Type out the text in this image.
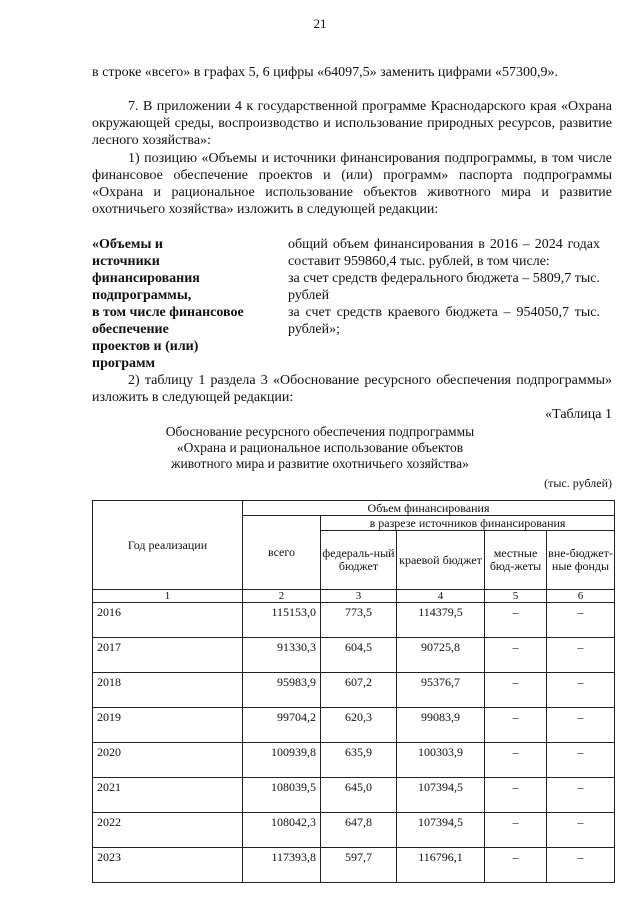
21
в строке «всего» в графах 5, 6 цифры «64097,5» заменить цифрами «57300,9».
7. В приложении 4 к государственной программе Краснодарского края «Охрана окружающей среды, воспроизводство и использование природных ресурсов, развитие лесного хозяйства»:
1) позицию «Объемы и источники финансирования подпрограммы, в том числе финансовое обеспечение проектов и (или) программ» паспорта подпрограммы «Охрана и рациональное использование объектов животного мира и развитие охотничьего хозяйства» изложить в следующей редакции:
«Объемы и
источники
финансирования
подпрограммы,
в том числе финансовое
обеспечение
проектов и (или)
программ

общий объем финансирования в 2016 – 2024 годах составит 959860,4 тыс. рублей, в том числе:

за счет средств федерального бюджета – 5809,7 тыс. рублей

за счет средств краевого бюджета – 954050,7 тыс. рублей»;

2) таблицу 1 раздела 3 «Обоснование ресурсного обеспечения подпрограммы» изложить в следующей редакции:
«Таблица 1
Обоснование ресурсного обеспечения подпрограммы «Охрана и рациональное использование объектов животного мира и развитие охотничьего хозяйства»
(тыс. рублей)
Год реализации	Объем финансирования				
	всего	в разрезе источников финансирования			
		федераль-ный бюджет	краевой бюджет	местные бюд-жеты	вне-бюджет-ные фонды
1	2	3	4	5	6
2016	115153,0	773,5	114379,5	–	–
2017	91330,3	604,5	90725,8	–	–
2018	95983,9	607,2	95376,7	–	–
2019	99704,2	620,3	99083,9	–	–
2020	100939,8	635,9	100303,9	–	–
2021	108039,5	645,0	107394,5	–	–
2022	108042,3	647,8	107394,5	–	–
2023	117393,8	597,7	116796,1	–	–
